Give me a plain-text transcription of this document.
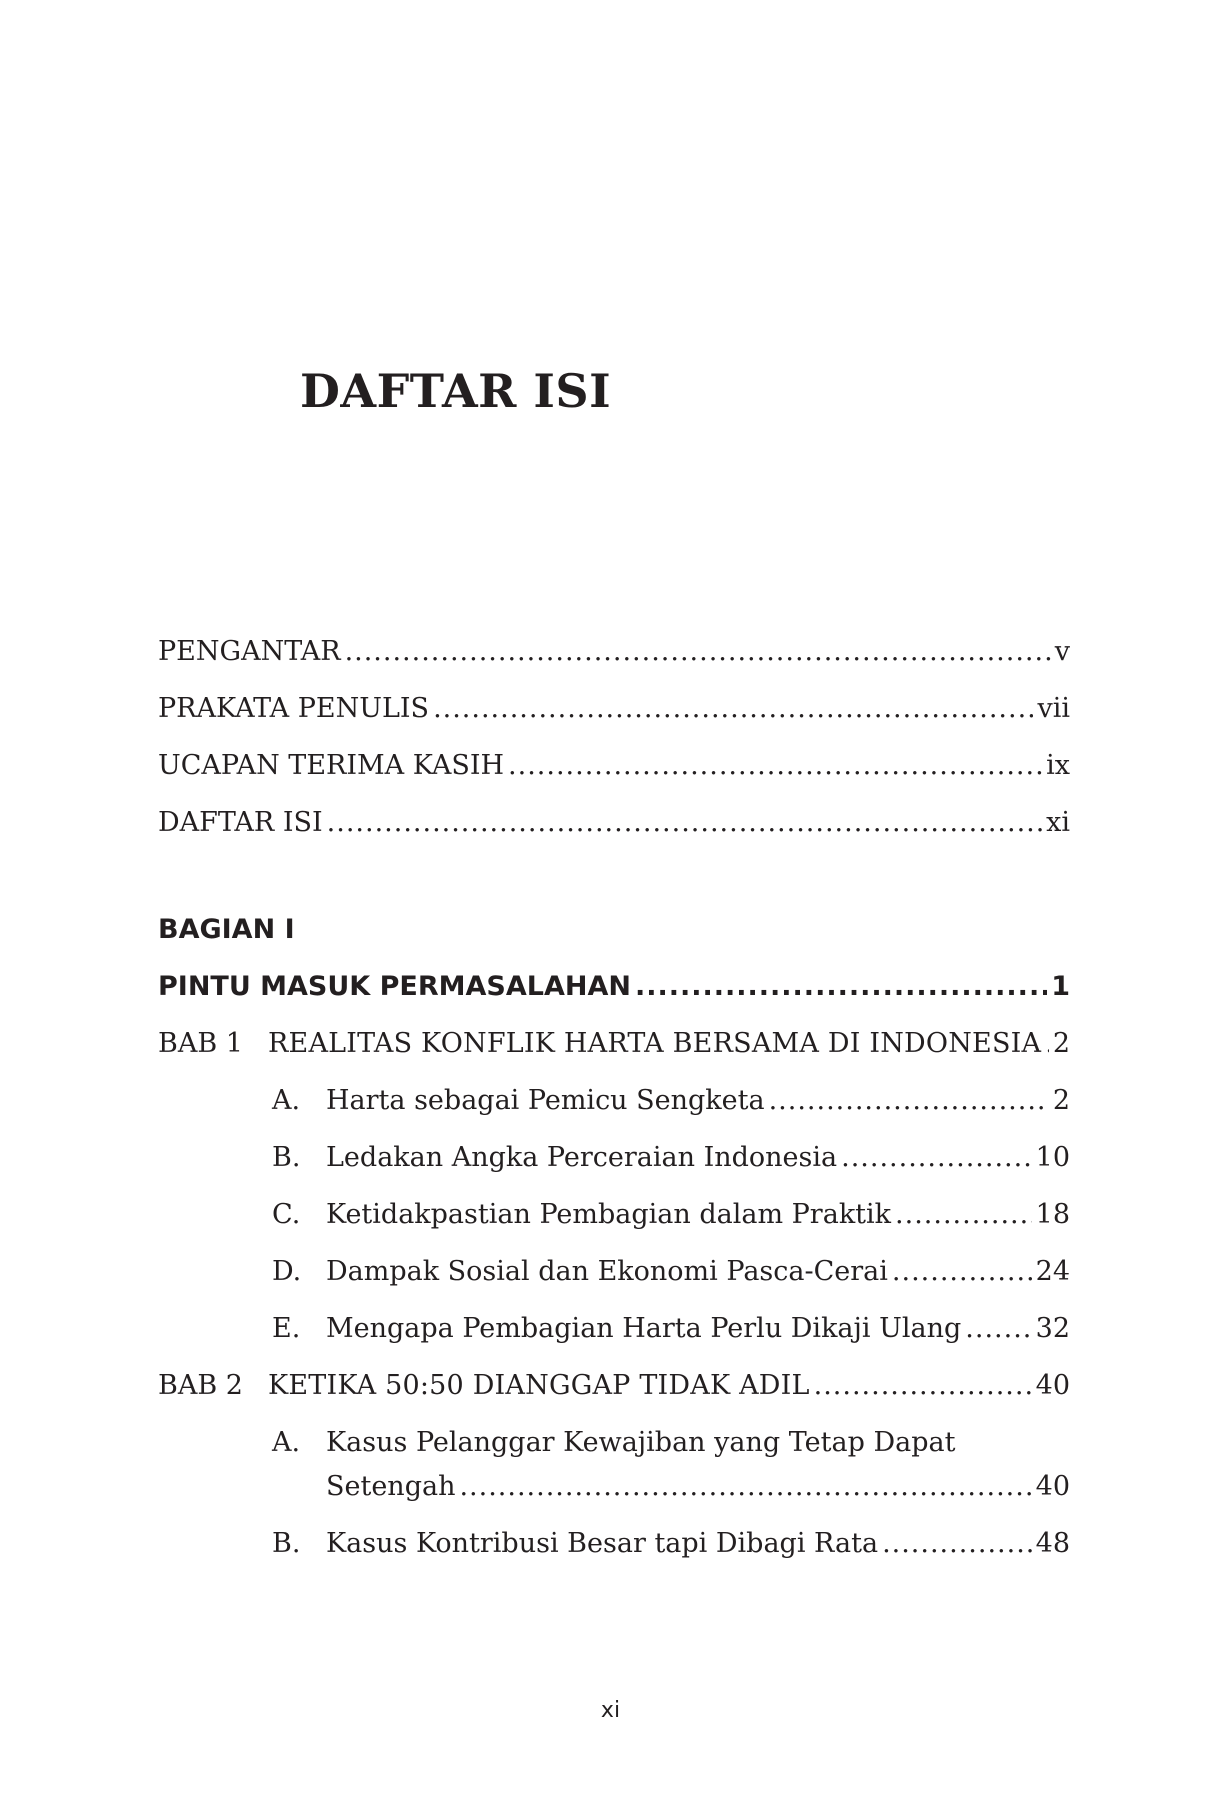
DAFTAR ISI
PENGANTAR .....	v
PRAKATA PENULIS .....	vii
UCAPAN TERIMA KASIH .....	ix
DAFTAR ISI .....	xi
BAGIAN I
PINTU MASUK PERMASALAHAN .....	1
BAB 1 REALITAS KONFLIK HARTA BERSAMA DI INDONESIA ..... 2
A. Harta sebagai Pemicu Sengketa .....	2
B. Ledakan Angka Perceraian Indonesia .....	10
C. Ketidakpastian Pembagian dalam Praktik .....	18
D. Dampak Sosial dan Ekonomi Pasca-Cerai .....	24
E. Mengapa Pembagian Harta Perlu Dikaji Ulang .....	32
BAB 2 KETIKA 50:50 DIANGGAP TIDAK ADIL .....	40
A. Kasus Pelanggar Kewajiban yang Tetap Dapat
Setengah .....	40
B. Kasus Kontribusi Besar tapi Dibagi Rata .....	48
xi
